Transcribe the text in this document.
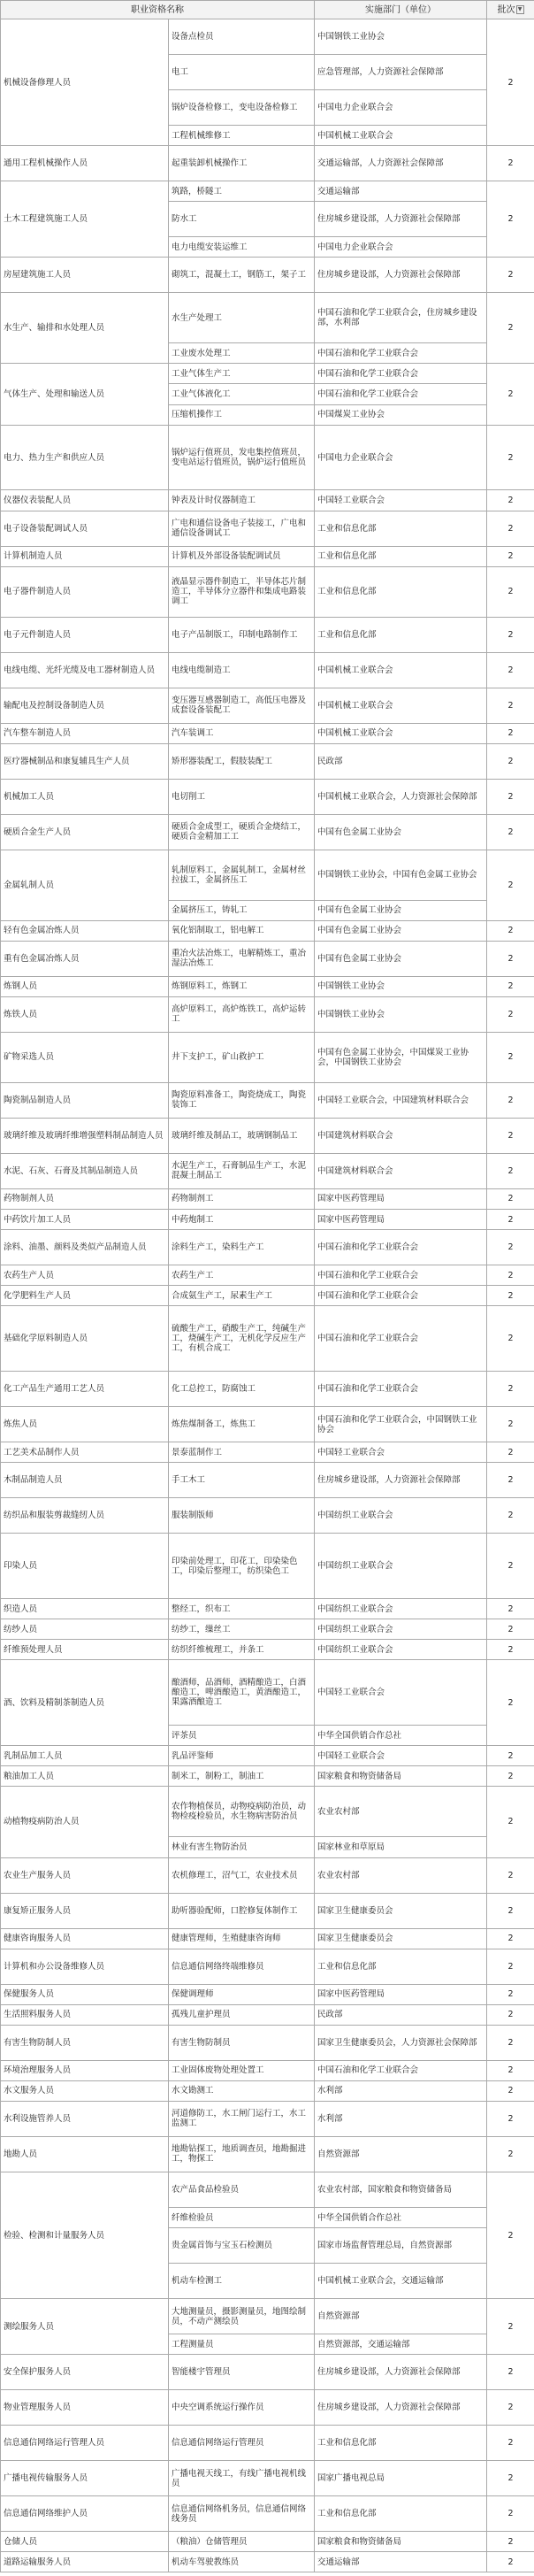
职业资格名称		实施部门（单位）	批次 ▼
机械设备修理人员	设备点检员	中国钢铁工业协会	2
	电工	应急管理部，人力资源社会保障部	
	锅炉设备检修工，变电设备检修工	中国电力企业联合会	
	工程机械维修工	中国机械工业联合会	
通用工程机械操作人员	起重装卸机械操作工	交通运输部，人力资源社会保障部	2
土木工程建筑施工人员	筑路，桥隧工	交通运输部	2
	防水工	住房城乡建设部，人力资源社会保障部	
	电力电缆安装运维工	中国电力企业联合会	
房屋建筑施工人员	砌筑工，混凝土工，钢筋工，架子工	住房城乡建设部，人力资源社会保障部	2
水生产、输排和水处理人员	水生产处理工	中国石油和化学工业联合会，住房城乡建设部，水利部	2
	工业废水处理工	中国石油和化学工业联合会	
气体生产、处理和输送人员	工业气体生产工	中国石油和化学工业联合会	2
	工业气体液化工	中国石油和化学工业联合会	
	压缩机操作工	中国煤炭工业协会	
电力、热力生产和供应人员	锅炉运行值班员，发电集控值班员，变电站运行值班员，锅炉运行值班员	中国电力企业联合会	2
仪器仪表装配人员	钟表及计时仪器制造工	中国轻工业联合会	2
电子设备装配调试人员	广电和通信设备电子装接工，广电和通信设备调试工	工业和信息化部	2
计算机制造人员	计算机及外部设备装配调试员	工业和信息化部	2
电子器件制造人员	液晶显示器件制造工，半导体芯片制造工，半导体分立器件和集成电路装调工	工业和信息化部	2
电子元件制造人员	电子产品制版工，印制电路制作工	工业和信息化部	2
电线电缆、光纤光缆及电工器材制造人员	电线电缆制造工	中国机械工业联合会	2
输配电及控制设备制造人员	变压器互感器制造工，高低压电器及成套设备装配工	中国机械工业联合会	2
汽车整车制造人员	汽车装调工	中国机械工业联合会	2
医疗器械制品和康复辅具生产人员	矫形器装配工，假肢装配工	民政部	2
机械加工人员	电切削工	中国机械工业联合会，人力资源社会保障部	2
硬质合金生产人员	硬质合金成型工，硬质合金烧结工，硬质合金精加工工	中国有色金属工业协会	2
金属轧制人员	轧制原料工，金属轧制工，金属材丝拉拔工，金属挤压工	中国钢铁工业协会，中国有色金属工业协会	2
	金属挤压工，铸轧工	中国有色金属工业协会	
轻有色金属冶炼人员	氧化铝制取工，铝电解工	中国有色金属工业协会	2
重有色金属冶炼人员	重冶火法冶炼工，电解精炼工，重冶湿法冶炼工	中国有色金属工业协会	2
炼钢人员	炼钢原料工，炼钢工	中国钢铁工业协会	2
炼铁人员	高炉原料工，高炉炼铁工，高炉运转工	中国钢铁工业协会	2
矿物采选人员	井下支护工，矿山救护工	中国有色金属工业协会，中国煤炭工业协会，中国钢铁工业协会	2
陶瓷制品制造人员	陶瓷原料准备工，陶瓷烧成工，陶瓷装饰工	中国轻工业联合会，中国建筑材料联合会	2
玻璃纤维及玻璃纤维增强塑料制品制造人员	玻璃纤维及制品工，玻璃钢制品工	中国建筑材料联合会	2
水泥、石灰、石膏及其制品制造人员	水泥生产工，石膏制品生产工，水泥混凝土制品工	中国建筑材料联合会	2
药物制剂人员	药物制剂工	国家中医药管理局	2
中药饮片加工人员	中药炮制工	国家中医药管理局	2
涂料、油墨、颜料及类似产品制造人员	涂料生产工，染料生产工	中国石油和化学工业联合会	2
农药生产人员	农药生产工	中国石油和化学工业联合会	2
化学肥料生产人员	合成氨生产工，尿素生产工	中国石油和化学工业联合会	2
基础化学原料制造人员	硫酸生产工，硝酸生产工，纯碱生产工，烧碱生产工，无机化学反应生产工，有机合成工	中国石油和化学工业联合会	2
化工产品生产通用工艺人员	化工总控工，防腐蚀工	中国石油和化学工业联合会	2
炼焦人员	炼焦煤制备工，炼焦工	中国石油和化学工业联合会，中国钢铁工业协会	2
工艺美术品制作人员	景泰蓝制作工	中国轻工业联合会	2
木制品制造人员	手工木工	住房城乡建设部，人力资源社会保障部	2
纺织品和服装剪裁缝纫人员	服装制版师	中国纺织工业联合会	2
印染人员	印染前处理工，印花工，印染染色工，印染后整理工，纺织染色工	中国纺织工业联合会	2
织造人员	整经工，织布工	中国纺织工业联合会	2
纺纱人员	纺纱工，缫丝工	中国纺织工业联合会	2
纤维预处理人员	纺织纤维梳理工，并条工	中国纺织工业联合会	2
酒、饮料及精制茶制造人员	酿酒师，品酒师，酒精酿造工，白酒酿造工，啤酒酿造工，黄酒酿造工，果露酒酿造工	中国轻工业联合会	2
	评茶员	中华全国供销合作总社	
乳制品加工人员	乳品评鉴师	中国轻工业联合会	2
粮油加工人员	制米工，制粉工，制油工	国家粮食和物资储备局	2
动植物疫病防治人员	农作物植保员，动物疫病防治员，动物检疫检验员，水生物病害防治员	农业农村部	2
	林业有害生物防治员	国家林业和草原局	
农业生产服务人员	农机修理工，沼气工，农业技术员	农业农村部	2
康复矫正服务人员	助听器验配师，口腔修复体制作工	国家卫生健康委员会	2
健康咨询服务人员	健康管理师，生殖健康咨询师	国家卫生健康委员会	2
计算机和办公设备维修人员	信息通信网络终端维修员	工业和信息化部	2
保健服务人员	保健调理师	国家中医药管理局	2
生活照料服务人员	孤残儿童护理员	民政部	2
有害生物防制人员	有害生物防制员	国家卫生健康委员会，人力资源社会保障部	2
环境治理服务人员	工业固体废物处理处置工	中国石油和化学工业联合会	2
水文服务人员	水文勘测工	水利部	2
水利设施管养人员	河道修防工，水工闸门运行工，水工监测工	水利部	2
地勘人员	地勘钻探工，地质调查员，地勘掘进工，物探工	自然资源部	2
检验、检测和计量服务人员	农产品食品检验员	农业农村部，国家粮食和物资储备局	2
	纤维检验员	中华全国供销合作总社	
	贵金属首饰与宝玉石检测员	国家市场监督管理总局，自然资源部	
	机动车检测工	中国机械工业联合会，交通运输部	
测绘服务人员	大地测量员，摄影测量员，地图绘制员，不动产测绘员	自然资源部	2
	工程测量员	自然资源部，交通运输部	
安全保护服务人员	智能楼宇管理员	住房城乡建设部，人力资源社会保障部	2
物业管理服务人员	中央空调系统运行操作员	住房城乡建设部，人力资源社会保障部	2
信息通信网络运行管理人员	信息通信网络运行管理员	工业和信息化部	2
广播电视传输服务人员	广播电视天线工，有线广播电视机线员	国家广播电视总局	2
信息通信网络维护人员	信息通信网络机务员，信息通信网络线务员	工业和信息化部	2
仓储人员	（粮油）仓储管理员	国家粮食和物资储备局	2
道路运输服务人员	机动车驾驶教练员	交通运输部	2
